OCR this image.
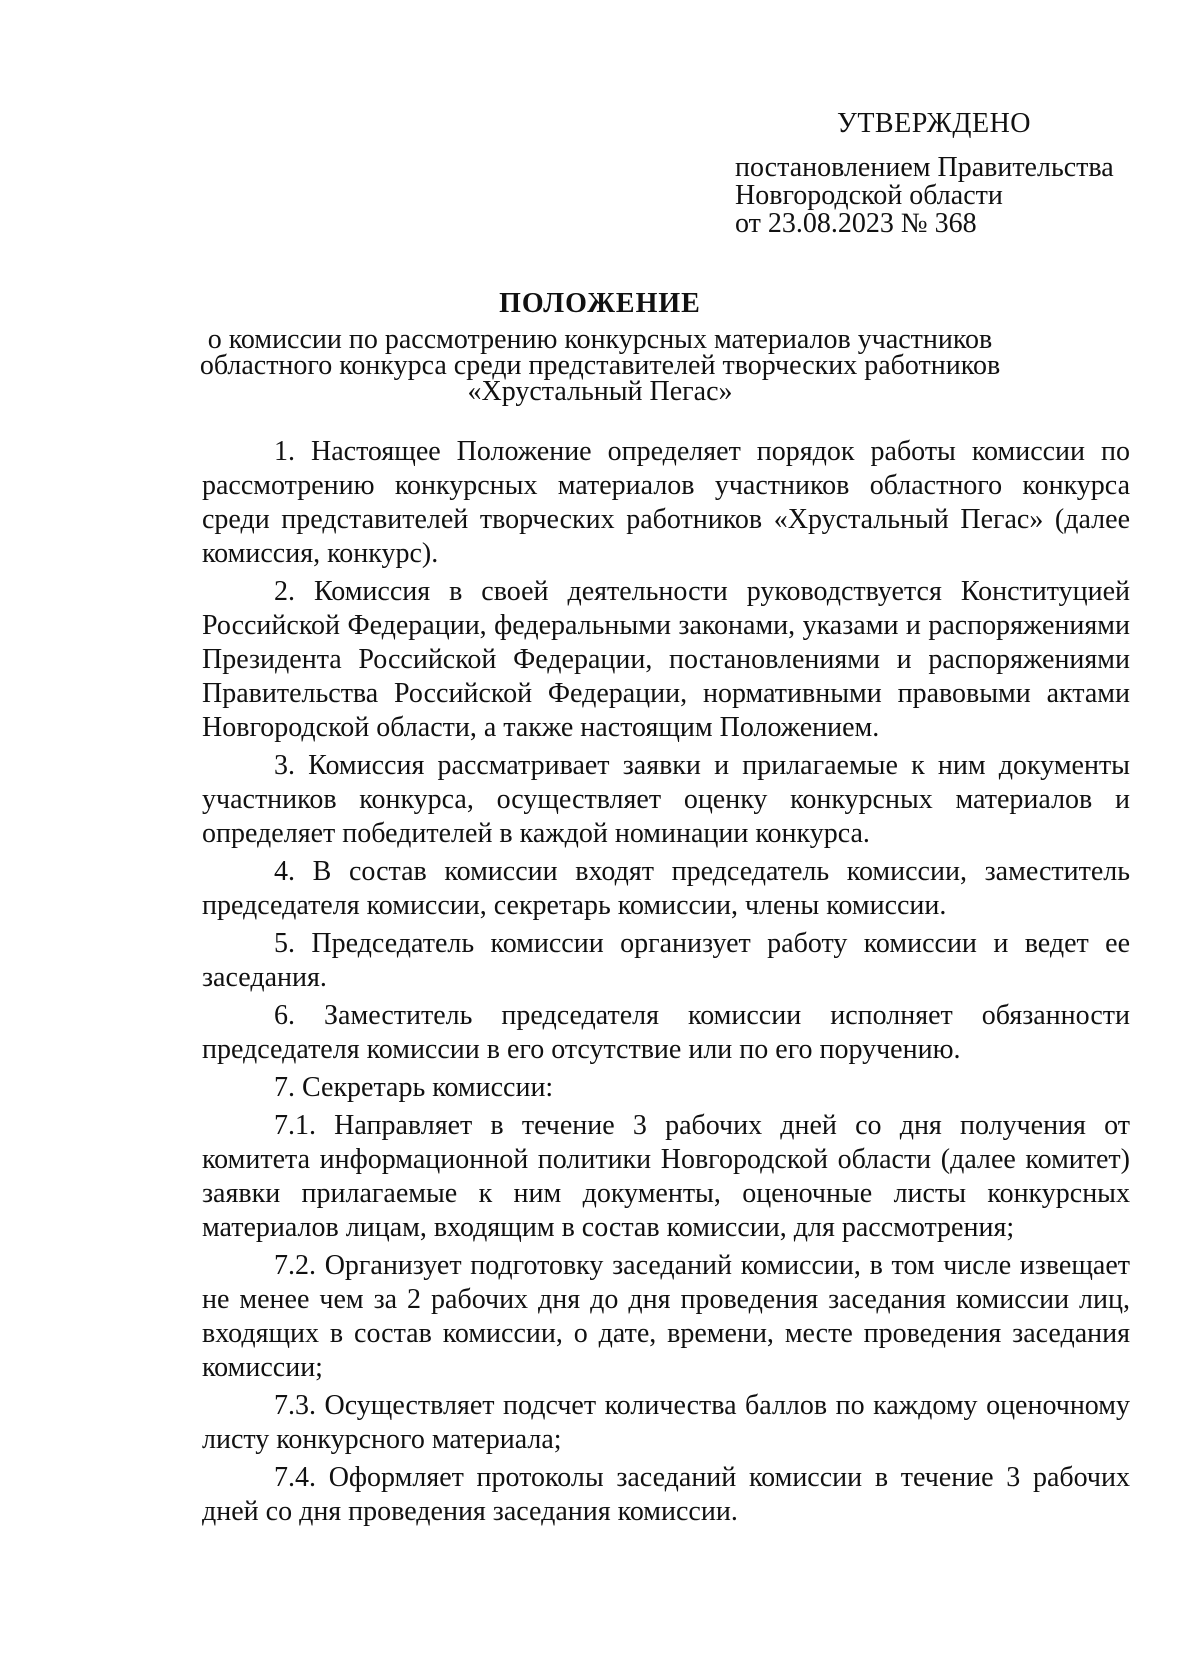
УТВЕРЖДЕНО
постановлением Правительства
Новгородской области
от 23.08.2023 № 368
ПОЛОЖЕНИЕ
о комиссии по рассмотрению конкурсных материалов участников
областного конкурса среди представителей творческих работников
«Хрустальный Пегас»

1. Настоящее Положение определяет порядок работы комиссии по рассмотрению конкурсных материалов участников областного конкурса среди представителей творческих работников «Хрустальный Пегас» (далее комиссия, конкурс).

2. Комиссия в своей деятельности руководствуется Конституцией Российской Федерации, федеральными законами, указами и распоряжениями Президента Российской Федерации, постановлениями и распоряжениями Правительства Российской Федерации, нормативными правовыми актами Новгородской области, а также настоящим Положением.

3. Комиссия рассматривает заявки и прилагаемые к ним документы участников конкурса, осуществляет оценку конкурсных материалов и определяет победителей в каждой номинации конкурса.

4. В состав комиссии входят председатель комиссии, заместитель председателя комиссии, секретарь комиссии, члены комиссии.

5. Председатель комиссии организует работу комиссии и ведет ее заседания.

6. Заместитель председателя комиссии исполняет обязанности председателя комиссии в его отсутствие или по его поручению.

7. Секретарь комиссии:

7.1. Направляет в течение 3 рабочих дней со дня получения от комитета информационной политики Новгородской области (далее комитет) заявки прилагаемые к ним документы, оценочные листы конкурсных материалов лицам, входящим в состав комиссии, для рассмотрения;

7.2. Организует подготовку заседаний комиссии, в том числе извещает не менее чем за 2 рабочих дня до дня проведения заседания комиссии лиц, входящих в состав комиссии, о дате, времени, месте проведения заседания комиссии;

7.3. Осуществляет подсчет количества баллов по каждому оценочному листу конкурсного материала;

7.4. Оформляет протоколы заседаний комиссии в течение 3 рабочих дней со дня проведения заседания комиссии.
